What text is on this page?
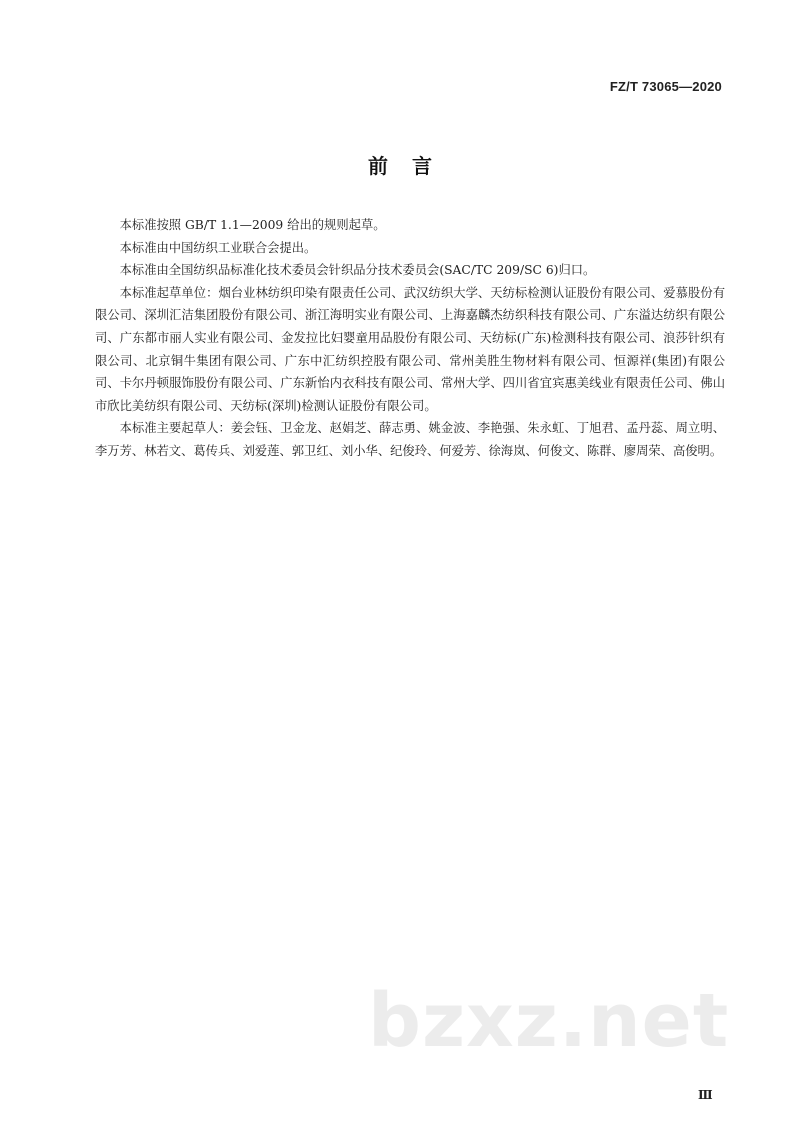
FZ/T 73065—2020
前言

本标准按照 GB/T 1.1—2009 给出的规则起草。

本标准由中国纺织工业联合会提出。

本标准由全国纺织品标准化技术委员会针织品分技术委员会(SAC/TC 209/SC 6)归口。

本标准起草单位：烟台业林纺织印染有限责任公司、武汉纺织大学、天纺标检测认证股份有限公司、爱慕股份有限公司、深圳汇洁集团股份有限公司、浙江海明实业有限公司、上海嘉麟杰纺织科技有限公司、广东溢达纺织有限公司、广东都市丽人实业有限公司、金发拉比妇婴童用品股份有限公司、天纺标(广东)检测科技有限公司、浪莎针织有限公司、北京铜牛集团有限公司、广东中汇纺织控股有限公司、常州美胜生物材料有限公司、恒源祥(集团)有限公司、卡尔丹顿服饰股份有限公司、广东新怡内衣科技有限公司、常州大学、四川省宜宾惠美线业有限责任公司、佛山市欣比美纺织有限公司、天纺标(深圳)检测认证股份有限公司。

本标准主要起草人：姜会钰、卫金龙、赵娟芝、薛志勇、姚金波、李艳强、朱永虹、丁旭君、孟丹蕊、周立明、李万芳、林若文、葛传兵、刘爱莲、郭卫红、刘小华、纪俊玲、何爱芳、徐海岚、何俊文、陈群、廖周荣、高俊明。

bzxz.net
Ⅲ
